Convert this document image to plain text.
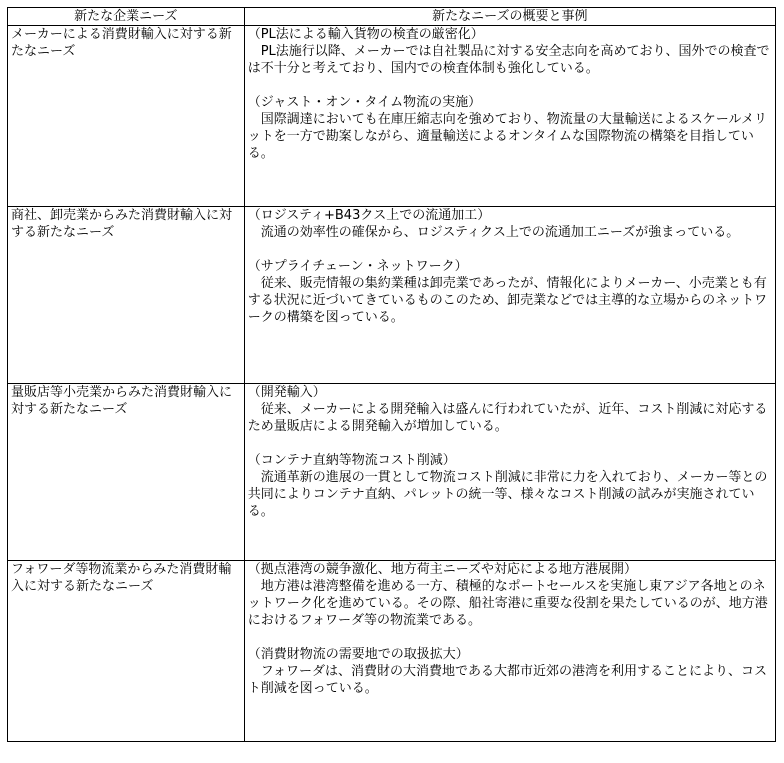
新たな企業ニーズ	新たなニーズの概要と事例
メーカーによる消費財輸入に対する新たなニーズ	（PL法による輸入貨物の検査の厳密化）
PL法施行以降、メーカーでは自社製品に対する安全志向を高めており、国外での検査では不十分と考えており、国内での検査体制も強化している。
（ジャスト・オン・タイム物流の実施）
国際調達においても在庫圧縮志向を強めており、物流量の大量輸送によるスケールメリットを一方で勘案しながら、適量輸送によるオンタイムな国際物流の構築を目指している。

商社、卸売業からみた消費財輸入に対する新たなニーズ	（ロジスティ+B43クス上での流通加工）
流通の効率性の確保から、ロジスティクス上での流通加工ニーズが強まっている。
（サプライチェーン・ネットワーク）
従来、販売情報の集約業種は卸売業であったが、情報化によりメーカー、小売業とも有する状況に近づいてきているものこのため、卸売業などでは主導的な立場からのネットワークの構築を図っている。

量販店等小売業からみた消費財輸入に対する新たなニーズ	（開発輸入）
従来、メーカーによる開発輸入は盛んに行われていたが、近年、コスト削減に対応するため量販店による開発輸入が増加している。
（コンテナ直納等物流コスト削減）
流通革新の進展の一貫として物流コスト削減に非常に力を入れており、メーカー等との共同によりコンテナ直納、パレットの統一等、様々なコスト削減の試みが実施されている。

フォワーダ等物流業からみた消費財輸入に対する新たなニーズ	（拠点港湾の競争激化、地方荷主ニーズや対応による地方港展開）
地方港は港湾整備を進める一方、積極的なポートセールスを実施し東アジア各地とのネットワーク化を進めている。その際、船社寄港に重要な役割を果たしているのが、地方港におけるフォワーダ等の物流業である。
（消費財物流の需要地での取扱拡大）
フォワーダは、消費財の大消費地である大都市近郊の港湾を利用することにより、コスト削減を図っている。
